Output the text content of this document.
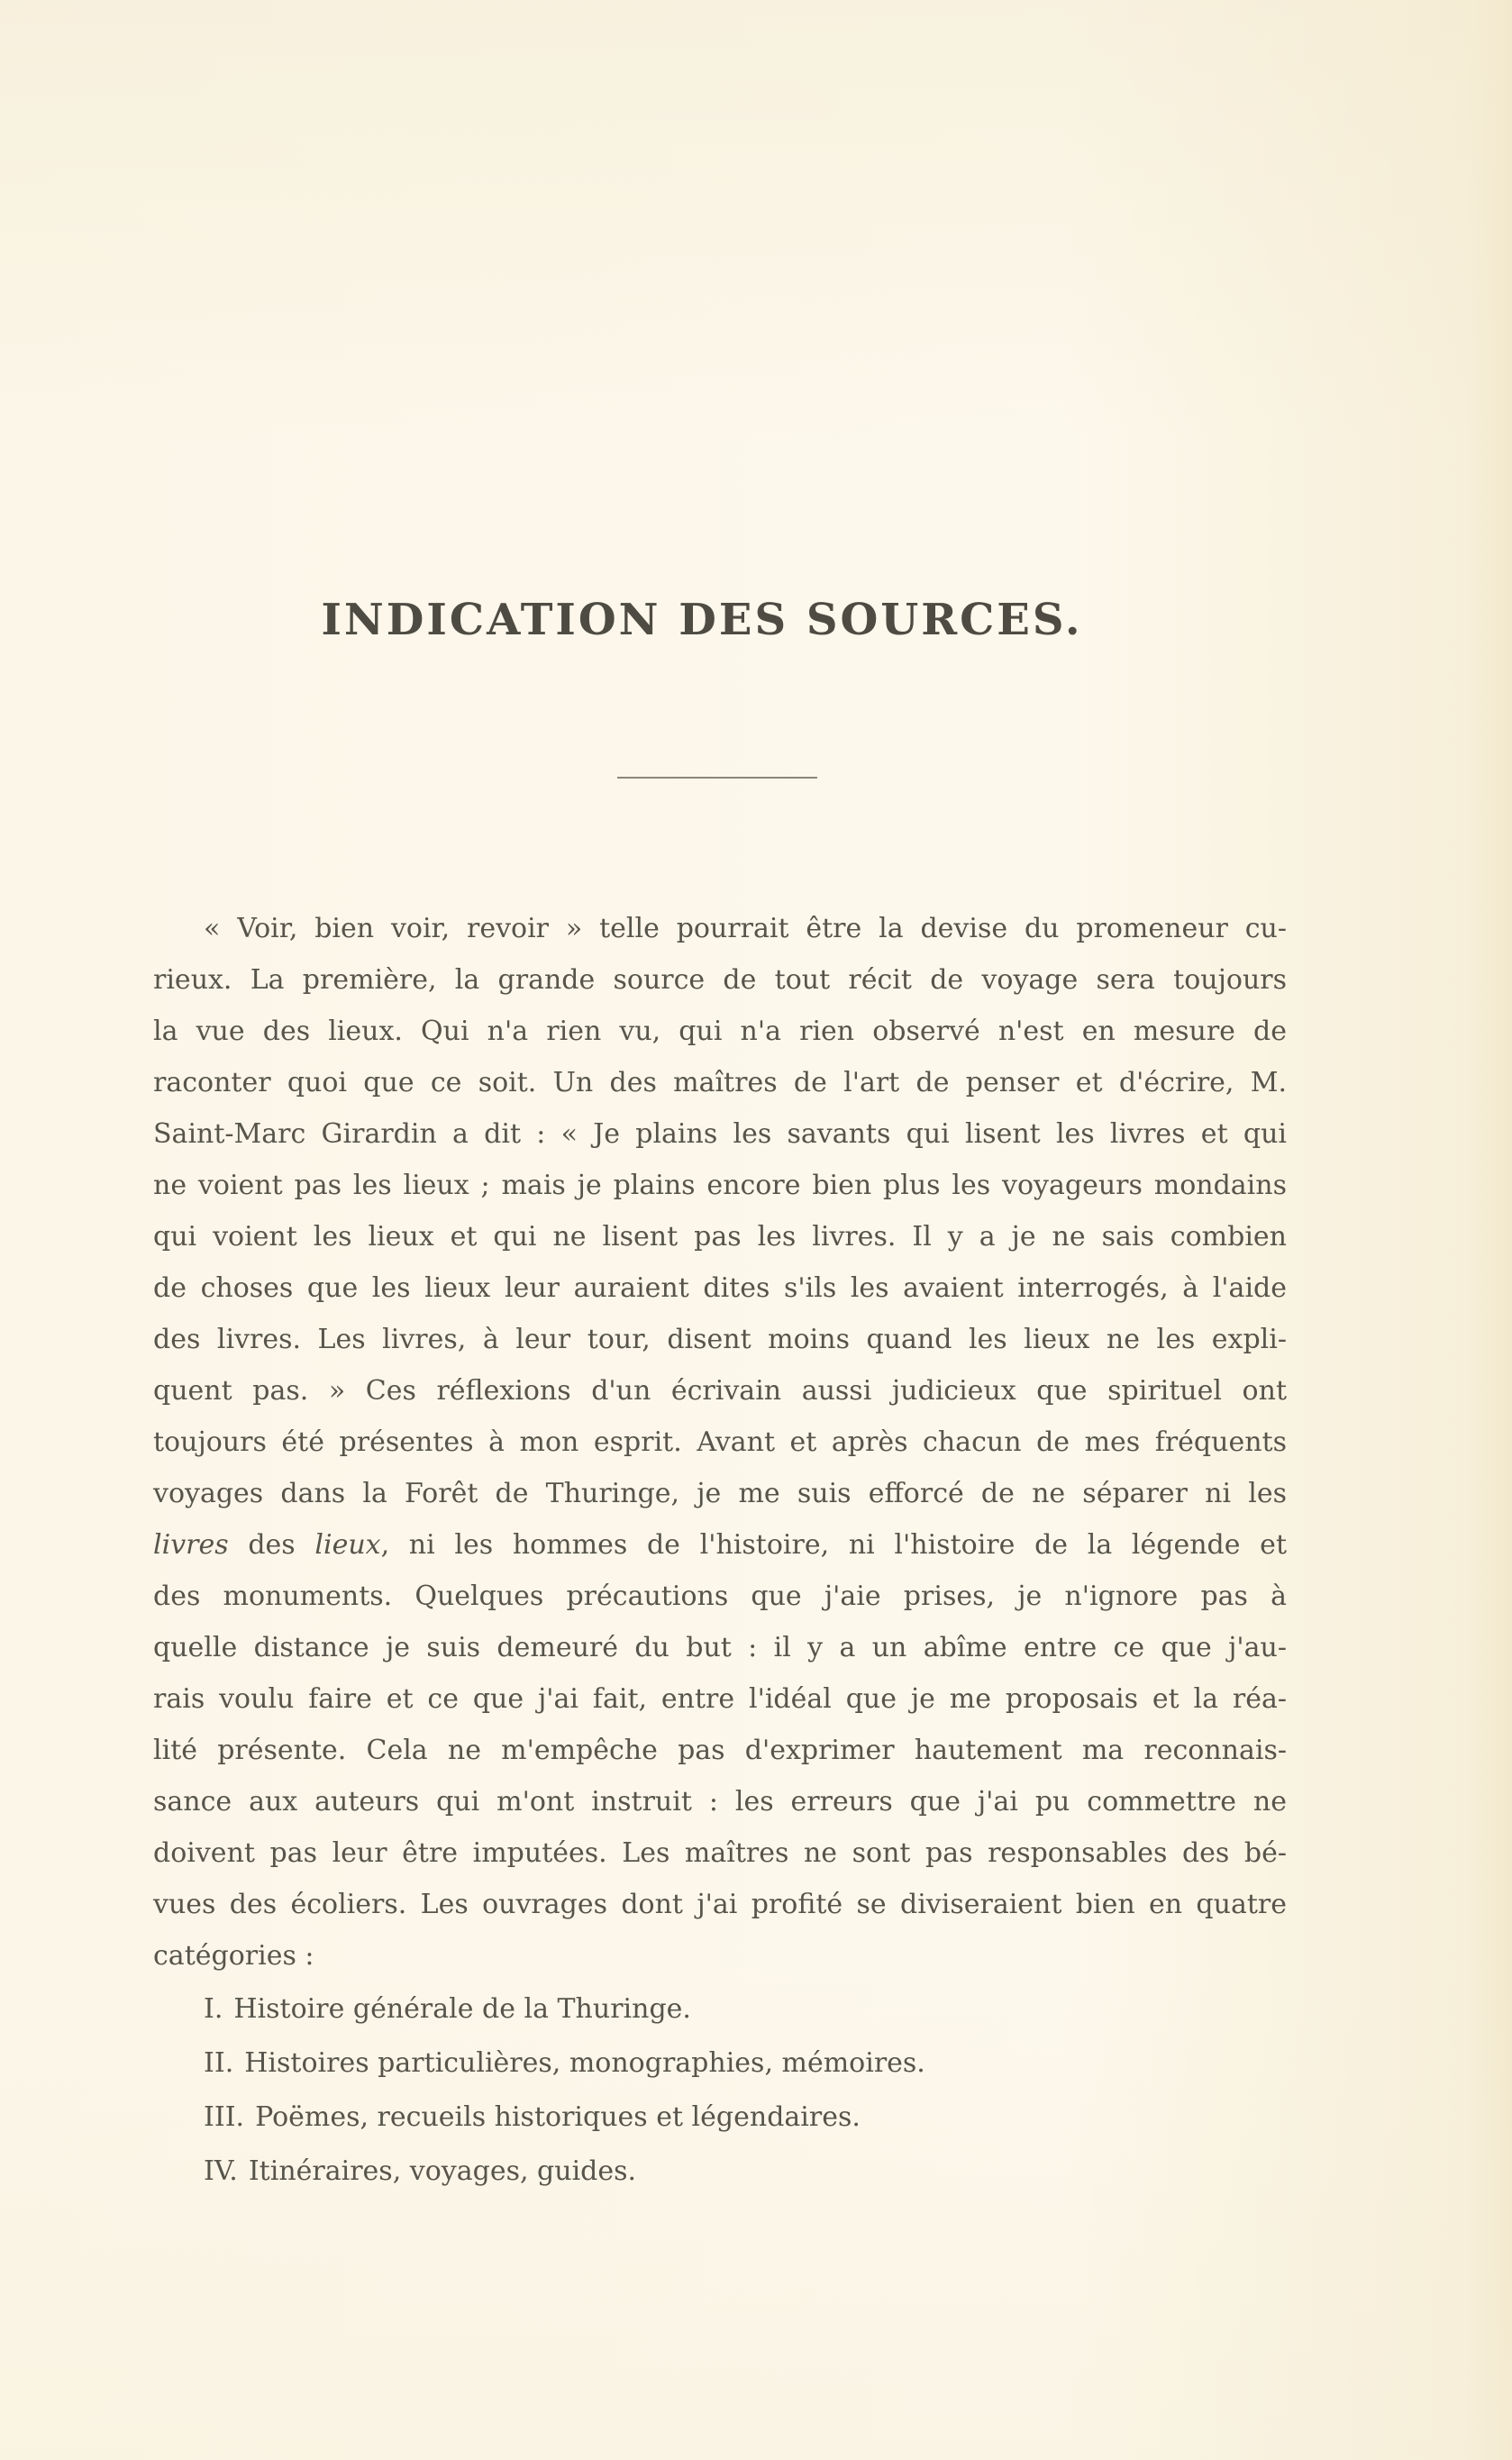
INDICATION DES SOURCES.
« Voir, bien voir, revoir » telle pourrait être la devise du promeneur cu-
rieux. La première, la grande source de tout récit de voyage sera toujours
la vue des lieux. Qui n'a rien vu, qui n'a rien observé n'est en mesure de
raconter quoi que ce soit. Un des maîtres de l'art de penser et d'écrire, M.
Saint-Marc Girardin a dit : « Je plains les savants qui lisent les livres et qui
ne voient pas les lieux ; mais je plains encore bien plus les voyageurs mondains
qui voient les lieux et qui ne lisent pas les livres. Il y a je ne sais combien
de choses que les lieux leur auraient dites s'ils les avaient interrogés, à l'aide
des livres. Les livres, à leur tour, disent moins quand les lieux ne les expli-
quent pas. » Ces réflexions d'un écrivain aussi judicieux que spirituel ont
toujours été présentes à mon esprit. Avant et après chacun de mes fréquents
voyages dans la Forêt de Thuringe, je me suis efforcé de ne séparer ni les
livres des lieux, ni les hommes de l'histoire, ni l'histoire de la légende et
des monuments. Quelques précautions que j'aie prises, je n'ignore pas à
quelle distance je suis demeuré du but : il y a un abîme entre ce que j'au-
rais voulu faire et ce que j'ai fait, entre l'idéal que je me proposais et la réa-
lité présente. Cela ne m'empêche pas d'exprimer hautement ma reconnais-
sance aux auteurs qui m'ont instruit : les erreurs que j'ai pu commettre ne
doivent pas leur être imputées. Les maîtres ne sont pas responsables des bé-
vues des écoliers. Les ouvrages dont j'ai profité se diviseraient bien en quatre
catégories :
I. Histoire générale de la Thuringe.
II. Histoires particulières, monographies, mémoires.
III. Poëmes, recueils historiques et légendaires.
IV. Itinéraires, voyages, guides.
